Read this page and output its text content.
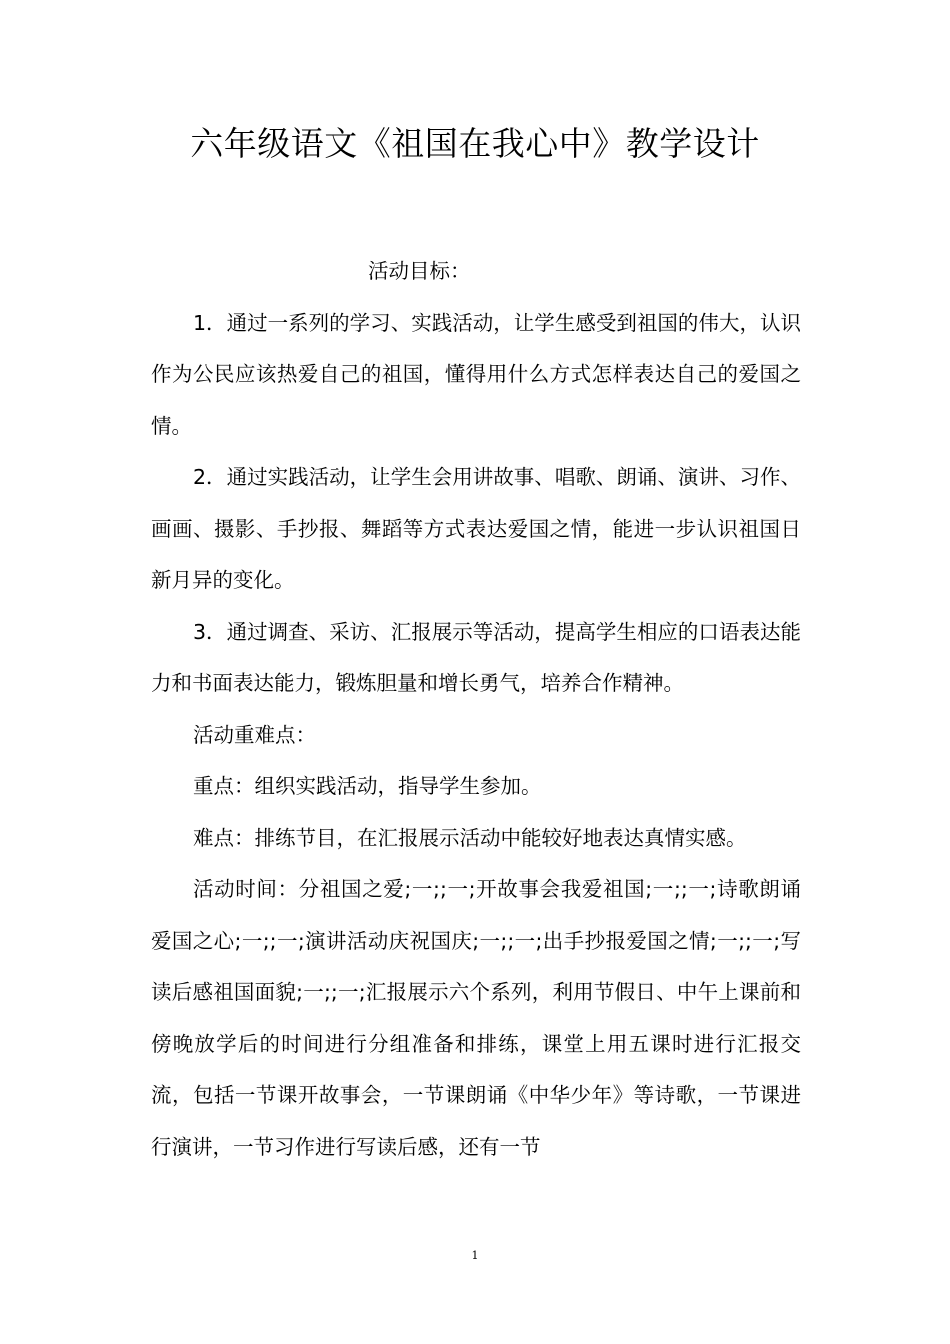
六年级语文《祖国在我心中》教学设计

活动目标：

1．通过一系列的学习、实践活动，让学生感受到祖国的伟大，认识作为公民应该热爱自己的祖国，懂得用什么方式怎样表达自己的爱国之情。

2．通过实践活动，让学生会用讲故事、唱歌、朗诵、演讲、习作、画画、摄影、手抄报、舞蹈等方式表达爱国之情，能进一步认识祖国日新月异的变化。

3．通过调查、采访、汇报展示等活动，提高学生相应的口语表达能力和书面表达能力，锻炼胆量和增长勇气，培养合作精神。

活动重难点：

重点：组织实践活动，指导学生参加。

难点：排练节目，在汇报展示活动中能较好地表达真情实感。

活动时间：分祖国之爱;一;;一;开故事会我爱祖国;一;;一;诗歌朗诵爱国之心;一;;一;演讲活动庆祝国庆;一;;一;出手抄报爱国之情;一;;一;写读后感祖国面貌;一;;一;汇报展示六个系列，利用节假日、中午上课前和傍晚放学后的时间进行分组准备和排练，课堂上用五课时进行汇报交流，包括一节课开故事会，一节课朗诵《中华少年》等诗歌，一节课进行演讲，一节习作进行写读后感，还有一节

1
